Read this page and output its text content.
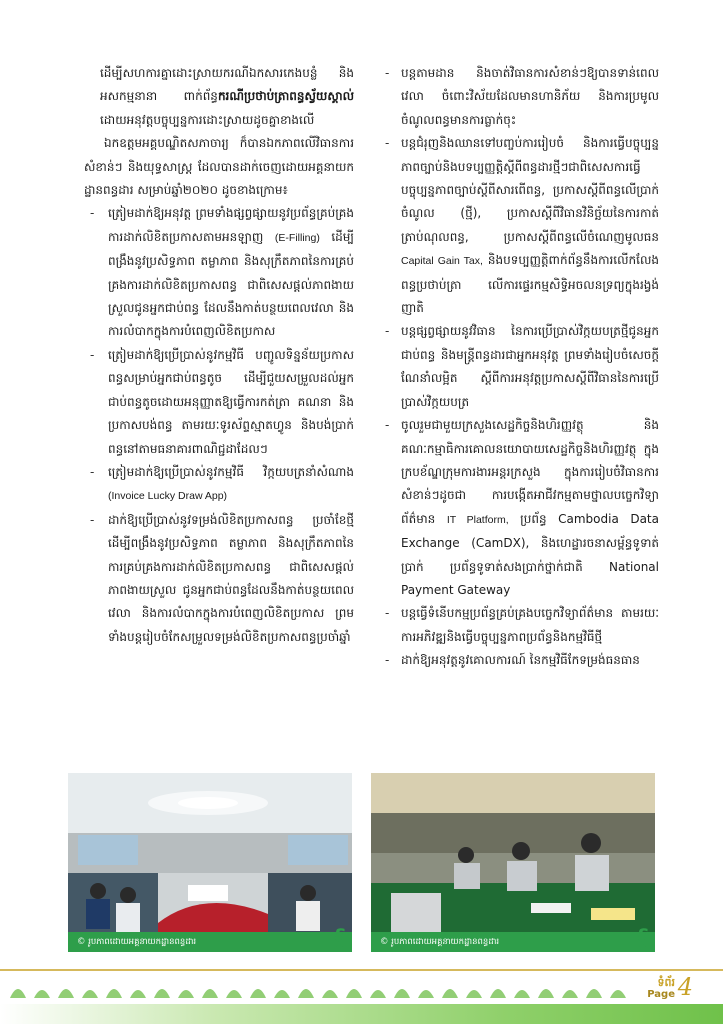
ដើម្បីសហការគ្នាដោះស្រាយករណីឯកសារកេងបន្លំ និងអសកម្មនានា ពាក់ព័ន្ធករណីប្រថាប់ត្រាពន្ធស្វ័យស្គាល់ ដោយអនុវត្តបច្ចុប្បន្នការដោះស្រាយដូចគ្នាខាងលើ

ឯកឧត្តមអគ្គបណ្ឌិតសភាចារ្យ ក៏បានឯកភាពលើវិធានការសំខាន់ៗ និងយុទ្ធសាស្ត្រ ដែលបានដាក់ចេញដោយអគ្គនាយកដ្ឋានពន្ធដារ សម្រាប់ឆ្នាំ២០២០ ដូចខាងក្រោម៖

- ត្រៀមដាក់ឱ្យអនុវត្ត ព្រមទាំងផ្សព្វផ្សាយនូវប្រព័ន្ធគ្រប់គ្រងការដាក់លិខិតប្រកាសតាមអនឡាញ (E-Filling) ដើម្បីពង្រឹងនូវប្រសិទ្ធភាព តម្លាភាព និងសុក្រឹតភាពនៃការគ្រប់គ្រងការដាក់លិខិតប្រកាសពន្ធ ជាពិសេសផ្តល់ភាពងាយស្រួលជូនអ្នកជាប់ពន្ធ ដែលនឹងកាត់បន្ថយពេលវេលា និងការលំបាកក្នុងការបំពេញលិខិតប្រកាស
- ត្រៀមដាក់ឱ្យប្រើប្រាស់នូវកម្មវិធី បញ្ជូលទិន្នន័យប្រកាសពន្ធសម្រាប់អ្នកជាប់ពន្ធតូច ដើម្បីជួយសម្រួលដល់អ្នកជាប់ពន្ធតូចដោយអនុញ្ញាតឱ្យធ្វើការកត់ត្រា គណនា និងប្រកាសបង់ពន្ធ តាមរយៈទូរស័ព្ទស្មាតហ្វូន និងបង់ប្រាក់ពន្ធនៅតាមធនាគារពាណិជ្ជដាដែលៗ
- ត្រៀមដាក់ឱ្យប្រើប្រាស់នូវកម្មវិធី វិក្កយបត្រនាំសំណាង (Invoice Lucky Draw App)
- ដាក់ឱ្យប្រើប្រាស់នូវទម្រង់លិខិតប្រកាសពន្ធ ប្រចាំខែថ្មី ដើម្បីពង្រឹងនូវប្រសិទ្ធភាព តម្លាភាព និងសុក្រឹតភាពនៃការគ្រប់គ្រងការដាក់លិខិតប្រកាសពន្ធ ជាពិសេសផ្តល់ភាពងាយស្រួល ជូនអ្នកជាប់ពន្ធដែលនឹងកាត់បន្ថយពេលវេលា និងការលំបាកក្នុងការបំពេញលិខិតប្រកាស ព្រមទាំងបន្តរៀបចំកែសម្រួលទម្រង់លិខិតប្រកាសពន្ធប្រចាំឆ្នាំ
- បន្តតាមដាន និងចាត់វិធានការសំខាន់ៗឱ្យបានទាន់ពេលវេលា ចំពោះវិស័យដែលមានហានិភ័យ និងការប្រមូលចំណូលពន្ធមានការធ្លាក់ចុះ
- បន្តជំរុញនិងឈានទៅបញ្ចប់ការរៀបចំ និងការធ្វើបច្ចុប្បន្នភាពច្បាប់និងបទប្បញ្ញត្តិស្តីពីពន្ធដារថ្មីៗជាពិសេសការធ្វើបច្ចុប្បន្នភាពច្បាប់ស្តីពីសារពើពន្ធ, ប្រកាសស្តីពីពន្ធលើប្រាក់ចំណូល (ថ្មី), ប្រកាសស្តីពីវិធានវិនិច្ឆ័យនៃការកាត់ត្រាប់ណុលពន្ធ, ប្រកាសស្តីពីពន្ធលើចំណេញមូលធន Capital Gain Tax, និងបទប្បញ្ញត្តិពាក់ព័ន្ធនឹងការលើកលែងពន្ធប្រថាប់ត្រា លើការផ្ទេរកម្មសិទ្ធិអចលនទ្រព្យក្នុងរង្វង់ញាតិ
- បន្តផ្សព្វផ្សាយនូវវិធាន នៃការប្រើប្រាស់វិក្កយបត្រថ្មីជូនអ្នកជាប់ពន្ធ និងមន្ត្រីពន្ធដារជាអ្នកអនុវត្ត ព្រមទាំងរៀបចំសេចក្តីណែនាំលម្អិត ស្តីពីការអនុវត្តប្រកាសស្តីពីវិធាននៃការប្រើប្រាស់វិក្កយបត្រ
- ចូលរួមជាមួយក្រសួងសេដ្ឋកិច្ចនិងហិរញ្ញវត្ថុ និងគណៈកម្មាធិការគោលនយោបាយសេដ្ឋកិច្ចនិងហិរញ្ញវត្ថុ ក្នុងក្របខ័ណ្ឌក្រុមការងារអន្តរក្រសួង ក្នុងការរៀបចំវិធានការសំខាន់ៗដូចជា ការបង្កើតអាជីវកម្មតាមថ្នាលបច្ចេកវិទ្យាព័ត៌មាន IT Platform, ប្រព័ន្ធ Cambodia Data Exchange (CamDX), និងហេដ្ឋារចនាសម្ព័ន្ធទូទាត់ប្រាក់ ប្រព័ន្ធទូទាត់សងប្រាក់ថ្នាក់ជាតិ National Payment Gateway
- បន្តធ្វើទំនើបកម្មប្រព័ន្ធគ្រប់គ្រងបច្ចេកវិទ្យាព័ត៌មាន តាមរយៈការអភិវឌ្ឍនិងធ្វើបច្ចុប្បន្នភាពប្រព័ន្ធនិងកម្មវិធីថ្មី
- ដាក់ឱ្យអនុវត្តនូវគោលការណ៍ នៃកម្មវិធីកែទម្រង់ធនធាន
© រូបភាពដោយអគ្គនាយកដ្ឋានពន្ធដារ	§	© រូបភាពដោយអគ្គនាយកដ្ឋានពន្ធដារ	§
ទំព័រ
Page 4
